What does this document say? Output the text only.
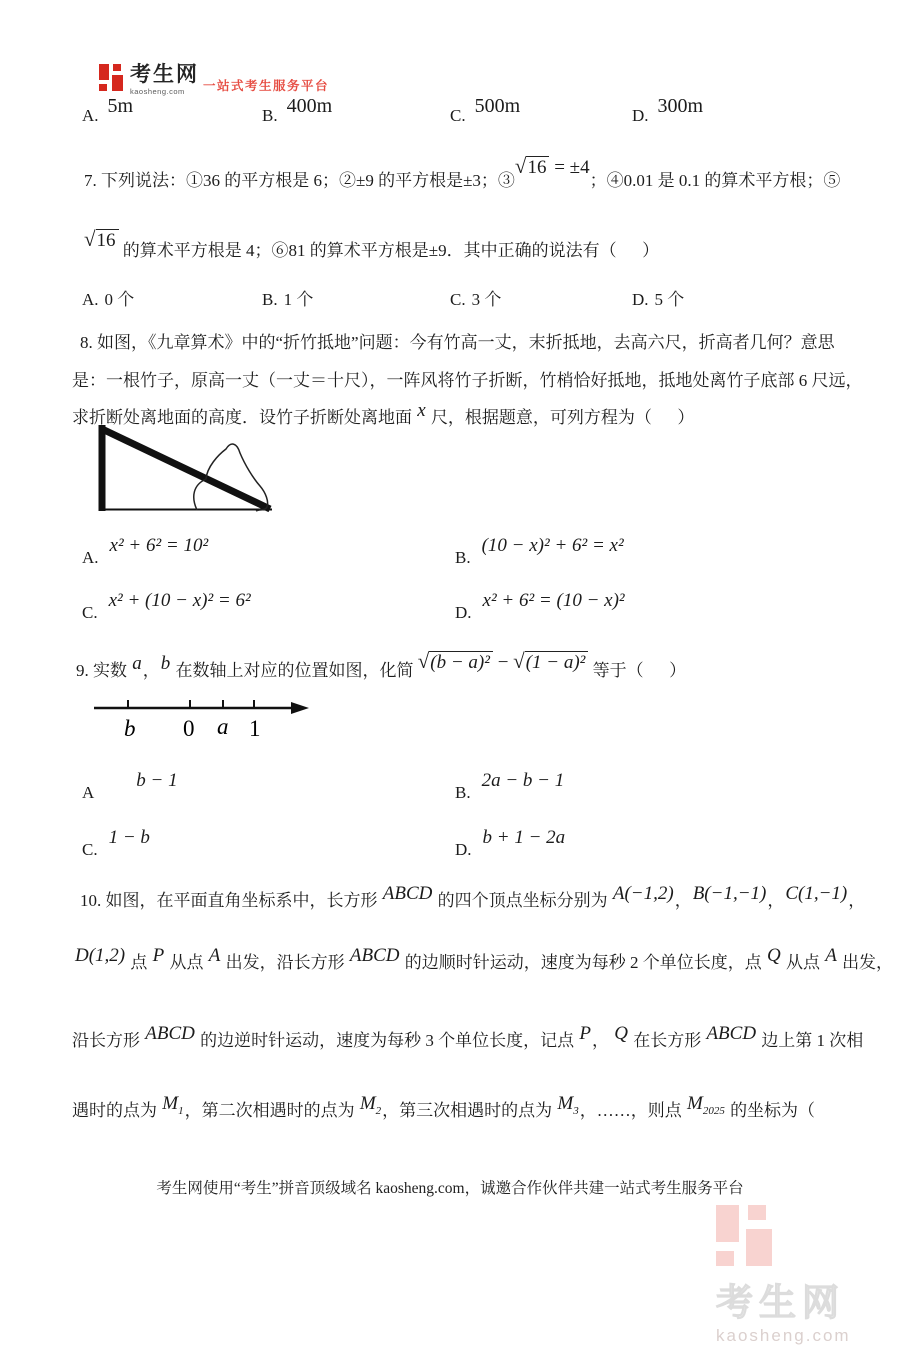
考生网
kaosheng.com	一站式考生服务平台
A. 5m	B. 400m	C. 500m	D. 300m
7. 下列说法：①36 的平方根是 6；②±9 的平方根是±3；③√16 = ±4；④0.01 是 0.1 的算术平方根；⑤
√16 的算术平方根是 4；⑥81 的算术平方根是±9．其中正确的说法有（      ）
A. 0 个	B. 1 个	C. 3 个	D. 5 个
8. 如图，《九章算术》中的“折竹抵地”问题：今有竹高一丈，末折抵地，去高六尺，折高者几何？意思
是：一根竹子，原高一丈（一丈＝十尺），一阵风将竹子折断，竹梢恰好抵地，抵地处离竹子底部 6 尺远，
求折断处离地面的高度．设竹子折断处离地面 x 尺，根据题意，可列方程为（      ）
A.x² + 6² = 10²
B.(10 − x)² + 6² = x²
C.x² + (10 − x)² = 6²
D.x² + 6² = (10 − x)²
9. 实数 a，b 在数轴上对应的位置如图，化简 √(b − a)² − √(1 − a)² 等于（      ）
b 0 a 1
Ab − 1
B.2a − b − 1
C.1 − b
D.b + 1 − 2a
10. 如图，在平面直角坐标系中，长方形 ABCD 的四个顶点坐标分别为 A(−1,2)，B(−1,−1)，C(1,−1)，
D(1,2) 点 P 从点 A 出发，沿长方形 ABCD 的边顺时针运动，速度为每秒 2 个单位长度，点 Q 从点 A 出发，
沿长方形 ABCD 的边逆时针运动，速度为每秒 3 个单位长度，记点 P， Q 在长方形 ABCD 边上第 1 次相
遇时的点为 $M_1$，第二次相遇时的点为 $M_2$，第三次相遇时的点为 $M_3$，……，则点 $M_{2025}$ 的坐标为（
考生网使用“考生”拼音顶级域名 kaosheng.com，诚邀合作伙伴共建一站式考生服务平台
考生网
kaosheng.com
